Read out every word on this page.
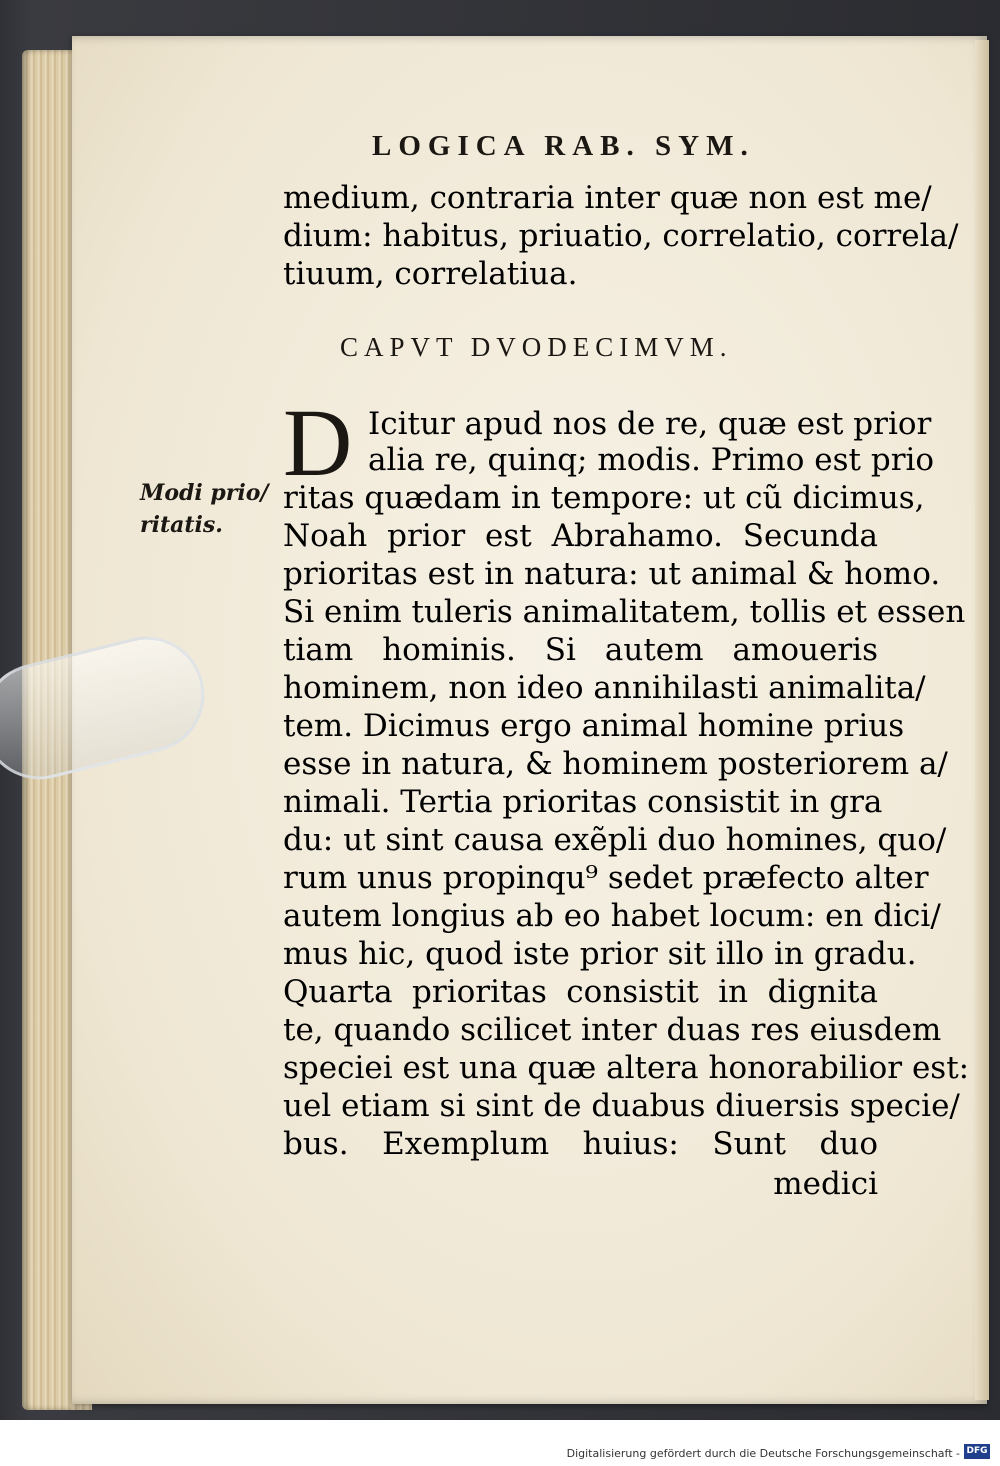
LOGICA RAB. SYM.
medium, contraria inter quæ non est me/
dium: habitus, priuatio, correlatio, correla/
tiuum, correlatiua.
CAPVT DVODECIMVM.
D Icitur apud nos de re, quæ est prior
alia re, quinq; modis. Primo est prio
ritas quædam in tempore: ut cũ dicimus,
Noah prior est Abrahamo. Secunda
prioritas est in natura: ut animal & homo.
Si enim tuleris animalitatem, tollis et essen
tiam hominis. Si autem amoueris
hominem, non ideo annihilasti animalita/
tem. Dicimus ergo animal homine prius
esse in natura, & hominem posteriorem a/
nimali. Tertia prioritas consistit in gra
du: ut sint causa exẽpli duo homines, quo/
rum unus propinqu⁹ sedet præfecto alter
autem longius ab eo habet locum: en dici/
mus hic, quod iste prior sit illo in gradu.
Quarta prioritas consistit in dignita
te, quando scilicet inter duas res eiusdem
speciei est una quæ altera honorabilior est:
uel etiam si sint de duabus diuersis specie/
bus. Exemplum huius: Sunt duo
medici
Modi prio/
ritatis.
Digitalisierung gefördert durch die Deutsche Forschungsgemeinschaft - DFG
